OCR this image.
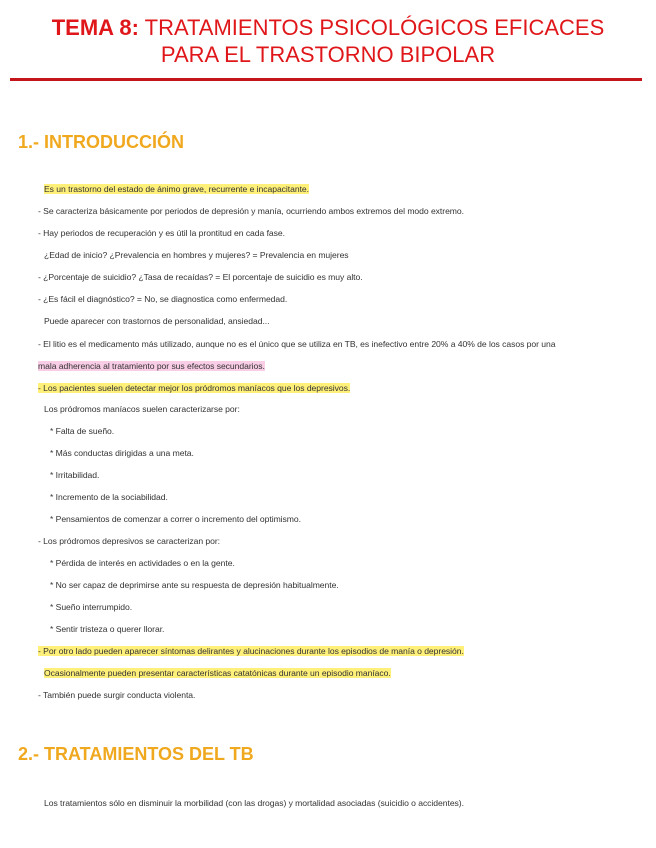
TEMA 8: TRATAMIENTOS PSICOLÓGICOS EFICACES
PARA EL TRASTORNO BIPOLAR
1.- INTRODUCCIÓN
Es un trastorno del estado de ánimo grave, recurrente e incapacitante.
- Se caracteriza básicamente por periodos de depresión y manía, ocurriendo ambos extremos del modo extremo.
- Hay periodos de recuperación y es útil la prontitud en cada fase.
¿Edad de inicio? ¿Prevalencia en hombres y mujeres? = Prevalencia en mujeres
- ¿Porcentaje de suicidio? ¿Tasa de recaídas? = El porcentaje de suicidio es muy alto.
- ¿Es fácil el diagnóstico? = No, se diagnostica como enfermedad.
Puede aparecer con trastornos de personalidad, ansiedad...
- El litio es el medicamento más utilizado, aunque no es el único que se utiliza en TB, es inefectivo entre 20% a 40% de los casos por una
mala adherencia al tratamiento por sus efectos secundarios.
- Los pacientes suelen detectar mejor los pródromos maníacos que los depresivos.
Los pródromos maníacos suelen caracterizarse por:
* Falta de sueño.
* Más conductas dirigidas a una meta.
* Irritabilidad.
* Incremento de la sociabilidad.
* Pensamientos de comenzar a correr o incremento del optimismo.
- Los pródromos depresivos se caracterizan por:
* Pérdida de interés en actividades o en la gente.
* No ser capaz de deprimirse ante su respuesta de depresión habitualmente.
* Sueño interrumpido.
* Sentir tristeza o querer llorar.
- Por otro lado pueden aparecer síntomas delirantes y alucinaciones durante los episodios de manía o depresión.
Ocasionalmente pueden presentar características catatónicas durante un episodio maníaco.
- También puede surgir conducta violenta.
2.- TRATAMIENTOS DEL TB
Los tratamientos sólo en disminuir la morbilidad (con las drogas) y mortalidad asociadas (suicidio o accidentes).
